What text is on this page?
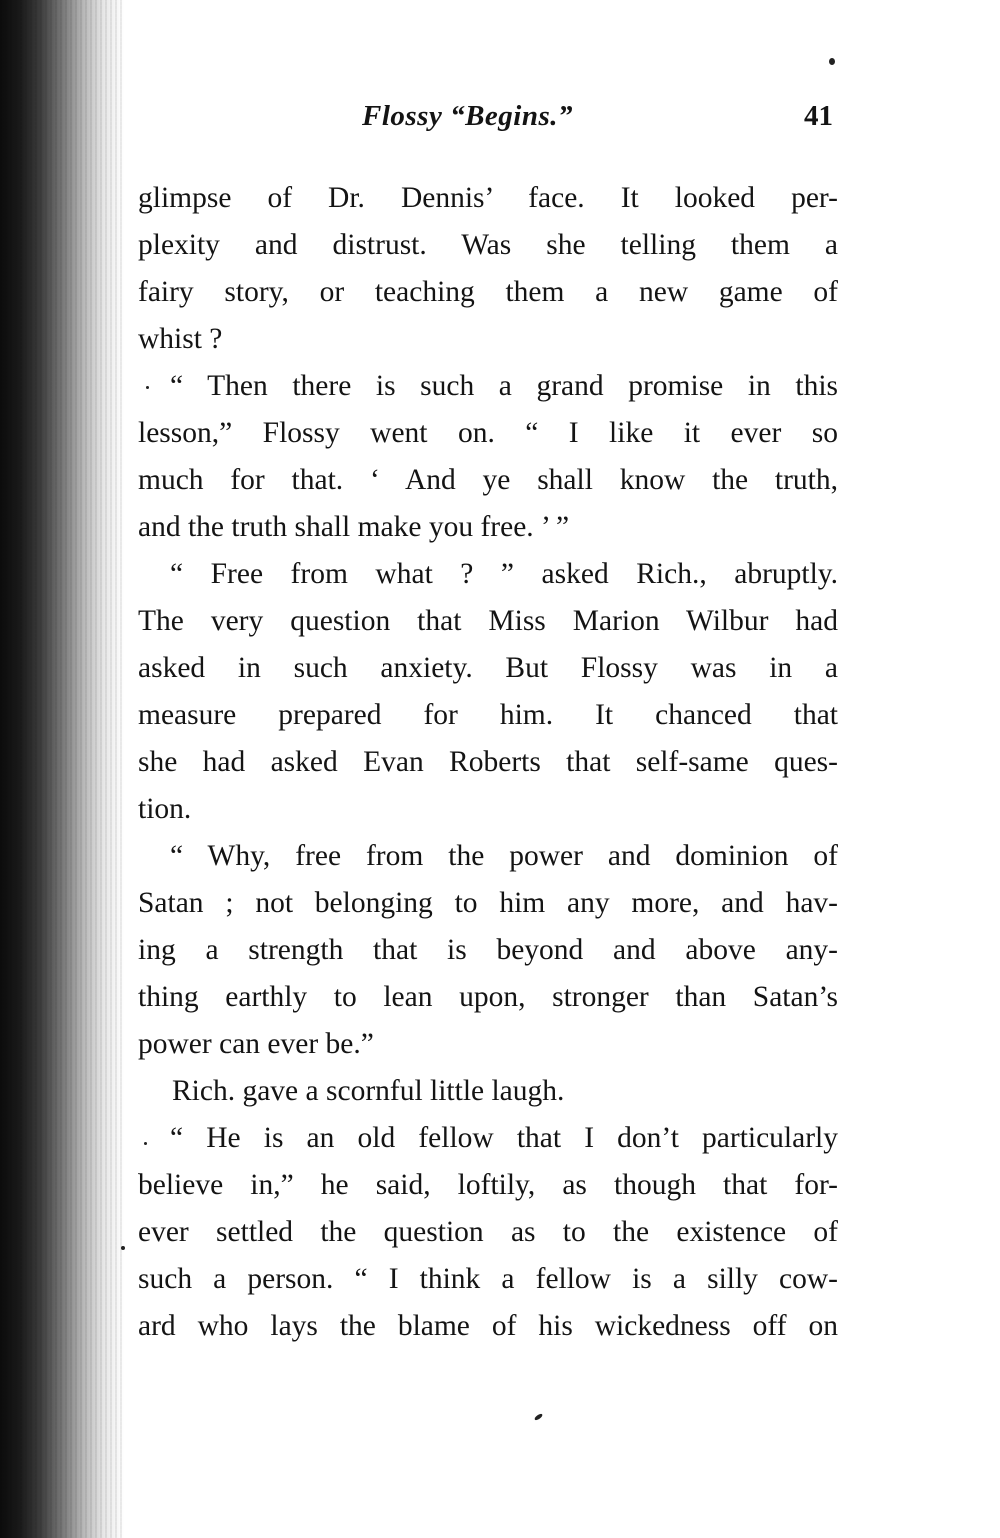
Flossy “Begins.”	41
glimpse of Dr. Dennis’ face. It looked per-
plexity and distrust. Was she telling them a
fairy story, or teaching them a new game of
whist ?
“ Then there is such a grand promise in this
lesson,” Flossy went on. “ I like it ever so
much for that. ‘ And ye shall know the truth,
and the truth shall make you free. ’ ”
“ Free from what ? ” asked Rich., abruptly.
The very question that Miss Marion Wilbur had
asked in such anxiety. But Flossy was in a
measure prepared for him. It chanced that
she had asked Evan Roberts that self-same ques-
tion.
“ Why, free from the power and dominion of
Satan ; not belonging to him any more, and hav-
ing a strength that is beyond and above any-
thing earthly to lean upon, stronger than Satan’s
power can ever be.”
Rich. gave a scornful little laugh.
“ He is an old fellow that I don’t particularly
believe in,” he said, loftily, as though that for-
ever settled the question as to the existence of
such a person. “ I think a fellow is a silly cow-
ard who lays the blame of his wickedness off on
